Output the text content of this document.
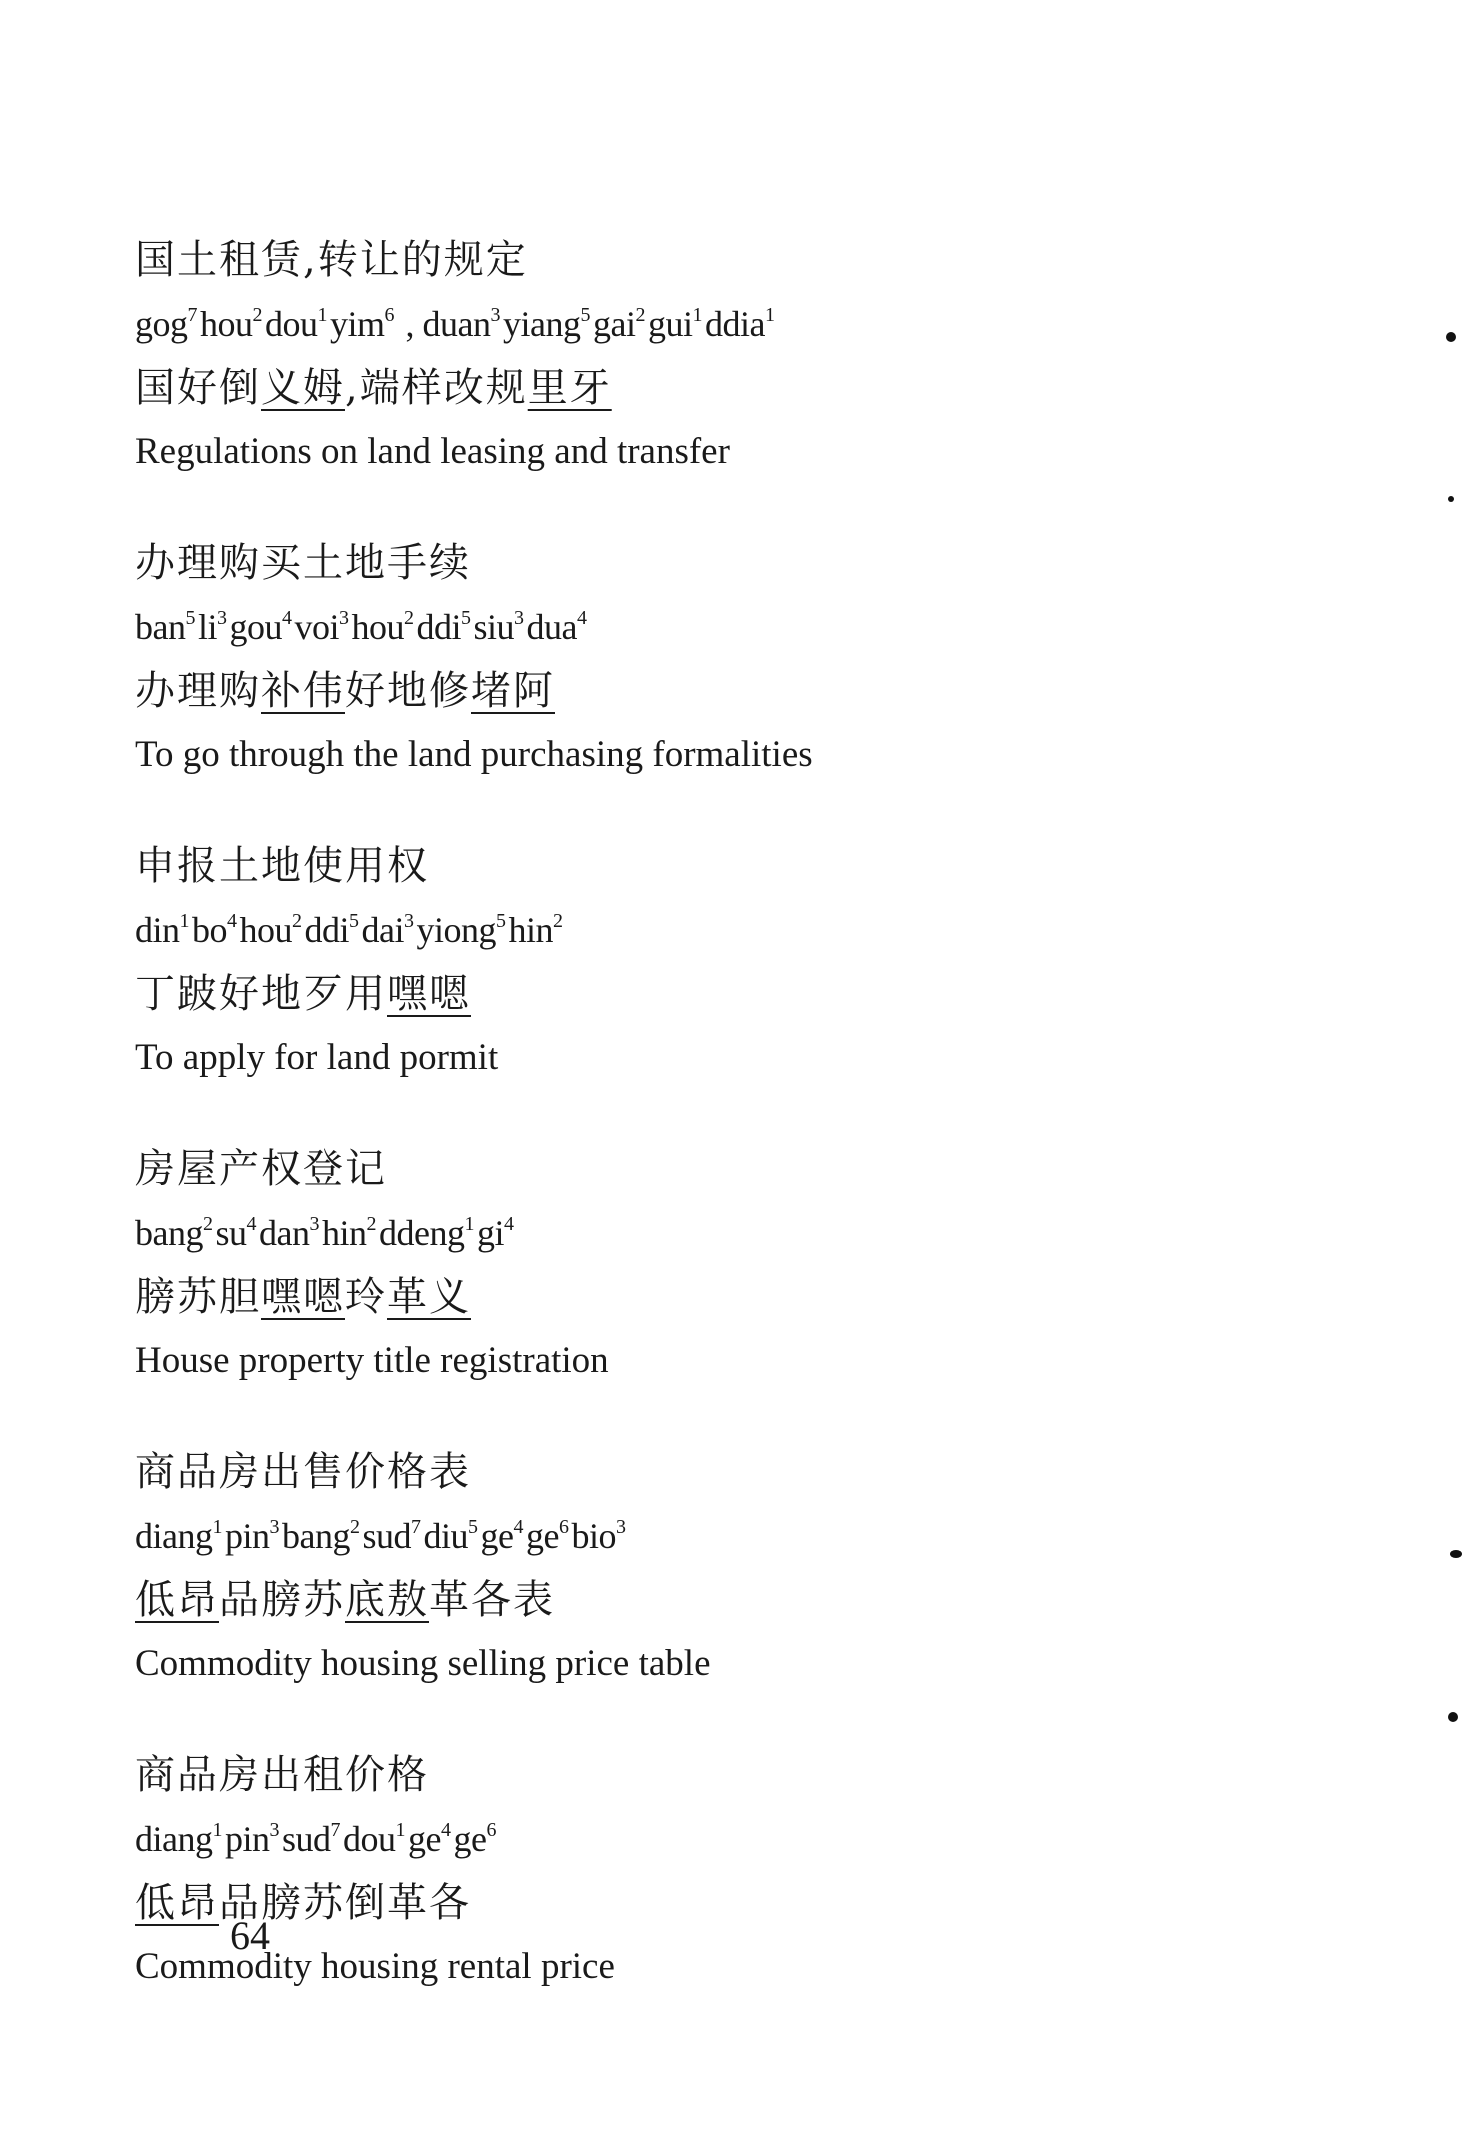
国土租赁,转让的规定
gog$^7$hou$^2$dou$^1$yim$^6$ , duan$^3$yiang$^5$gai$^2$gui$^1$ddia$^1$
国好倒义姆,端样改规里牙
Regulations on land leasing and transfer
办理购买土地手续
$ban^5li^3gou^4voi^3hou^2ddi^5siu^3dua^4$
办理购补伟好地修堵阿
To go through the land purchasing formalities
申报土地使用权
$din^1bo^4hou^2ddi^5dai^3yiong^5hin^2$
丁跛好地歹用嘿嗯
To apply for land pormit
房屋产权登记
$bang^2su^4dan^3hin^2ddeng^1gi^4$
膀苏胆嘿嗯玲革义
House property title registration
商品房出售价格表
$diang^1pin^3bang^2sud^7diu^5ge^4ge^6bio^3$
低昂品膀苏底敖革各表
Commodity housing selling price table
商品房出租价格
$diang^1pin^3sud^7dou^1ge^4ge^6$
低昂品膀苏倒革各
Commodity housing rental price
64
